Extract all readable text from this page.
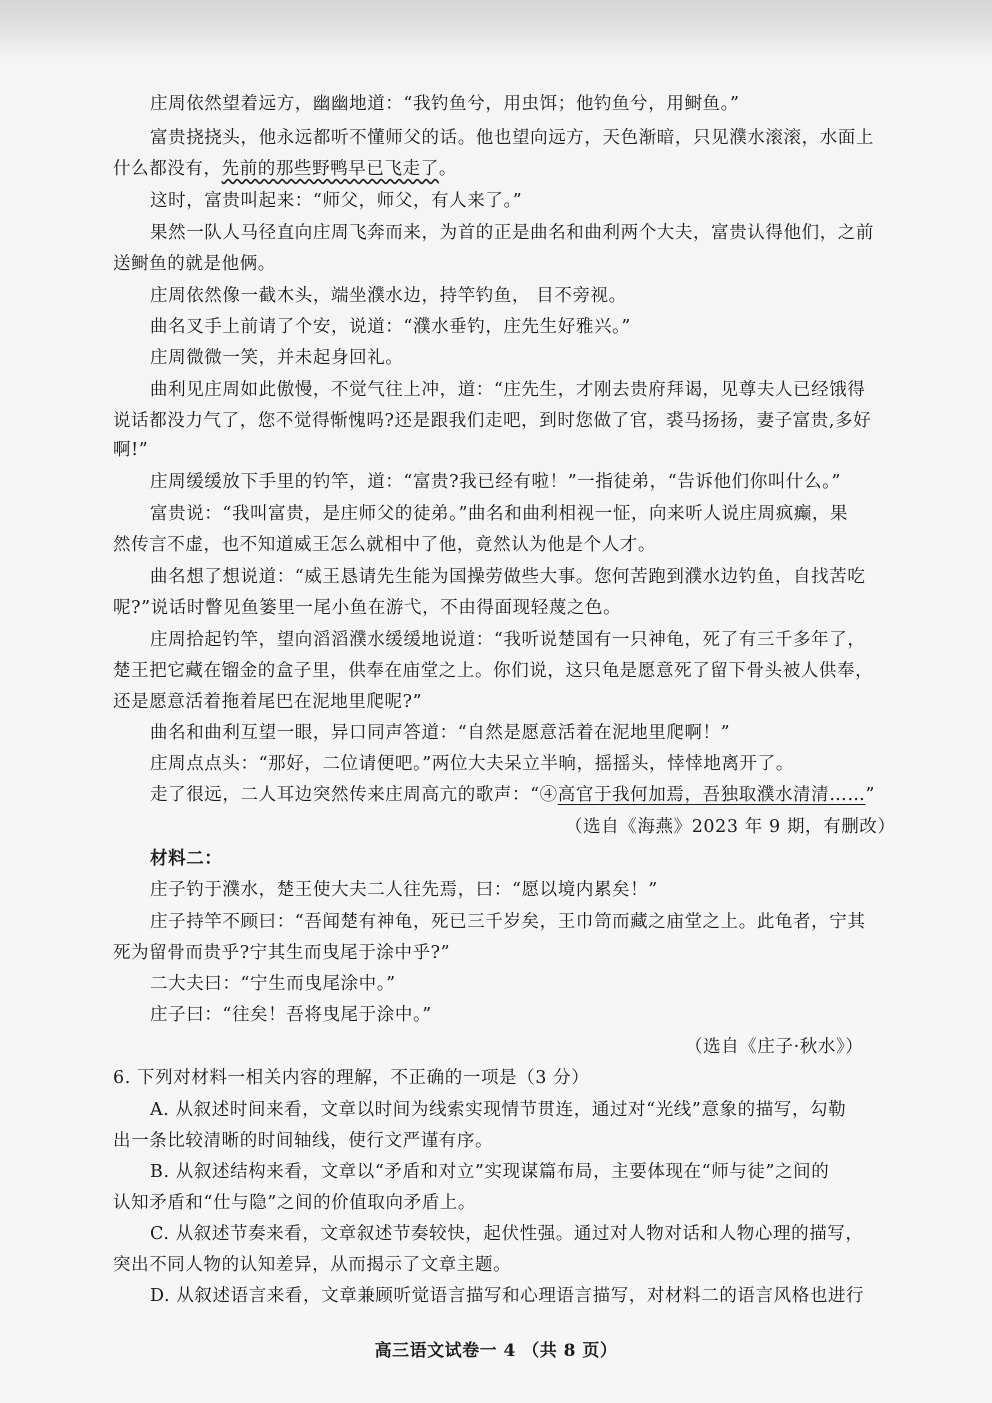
庄周依然望着远方，幽幽地道：“我钓鱼兮，用虫饵；他钓鱼兮，用鲥鱼。”
富贵挠挠头，他永远都听不懂师父的话。他也望向远方，天色渐暗，只见濮水滚滚，水面上
什么都没有，先前的那些野鸭早已飞走了。
这时，富贵叫起来：“师父，师父，有人来了。”
果然一队人马径直向庄周飞奔而来，为首的正是曲名和曲利两个大夫，富贵认得他们，之前
送鲥鱼的就是他俩。
庄周依然像一截木头，端坐濮水边，持竿钓鱼， 目不旁视。
曲名叉手上前请了个安，说道：“濮水垂钓，庄先生好雅兴。”
庄周微微一笑，并未起身回礼。
曲利见庄周如此傲慢，不觉气往上冲，道：“庄先生，才刚去贵府拜谒，见尊夫人已经饿得
说话都没力气了，您不觉得惭愧吗?还是跟我们走吧，到时您做了官，裘马扬扬，妻子富贵,多好
啊!”
庄周缓缓放下手里的钓竿，道：“富贵?我已经有啦！”一指徒弟，“告诉他们你叫什么。”
富贵说：“我叫富贵，是庄师父的徒弟。”曲名和曲利相视一怔，向来听人说庄周疯癫，果
然传言不虚，也不知道威王怎么就相中了他，竟然认为他是个人才。
曲名想了想说道：“威王恳请先生能为国操劳做些大事。您何苦跑到濮水边钓鱼，自找苦吃
呢?”说话时瞥见鱼篓里一尾小鱼在游弋，不由得面现轻蔑之色。
庄周拾起钓竿，望向滔滔濮水缓缓地说道：“我听说楚国有一只神龟，死了有三千多年了，
楚王把它藏在镏金的盒子里，供奉在庙堂之上。你们说，这只龟是愿意死了留下骨头被人供奉，
还是愿意活着拖着尾巴在泥地里爬呢?”
曲名和曲利互望一眼，异口同声答道：“自然是愿意活着在泥地里爬啊！”
庄周点点头：“那好，二位请便吧。”两位大夫呆立半晌，摇摇头，悻悻地离开了。
走了很远，二人耳边突然传来庄周高亢的歌声：“④高官于我何加焉，吾独取濮水清清……”
（选自《海燕》2023 年 9 期，有删改）
材料二：
庄子钓于濮水，楚王使大夫二人往先焉，曰：“愿以境内累矣！”
庄子持竿不顾曰：“吾闻楚有神龟，死已三千岁矣，王巾笥而藏之庙堂之上。此龟者，宁其
死为留骨而贵乎?宁其生而曳尾于涂中乎?”
二大夫曰：“宁生而曳尾涂中。”
庄子曰：“往矣！吾将曳尾于涂中。”
（选自《庄子·秋水》）
6. 下列对材料一相关内容的理解，不正确的一项是（3 分）
A. 从叙述时间来看，文章以时间为线索实现情节贯连，通过对“光线”意象的描写，勾勒
出一条比较清晰的时间轴线，使行文严谨有序。
B. 从叙述结构来看，文章以“矛盾和对立”实现谋篇布局，主要体现在“师与徒”之间的
认知矛盾和“仕与隐”之间的价值取向矛盾上。
C. 从叙述节奏来看，文章叙述节奏较快，起伏性强。通过对人物对话和人物心理的描写，
突出不同人物的认知差异，从而揭示了文章主题。
D. 从叙述语言来看，文章兼顾听觉语言描写和心理语言描写，对材料二的语言风格也进行
高三语文试卷一 4 （共 8 页）
